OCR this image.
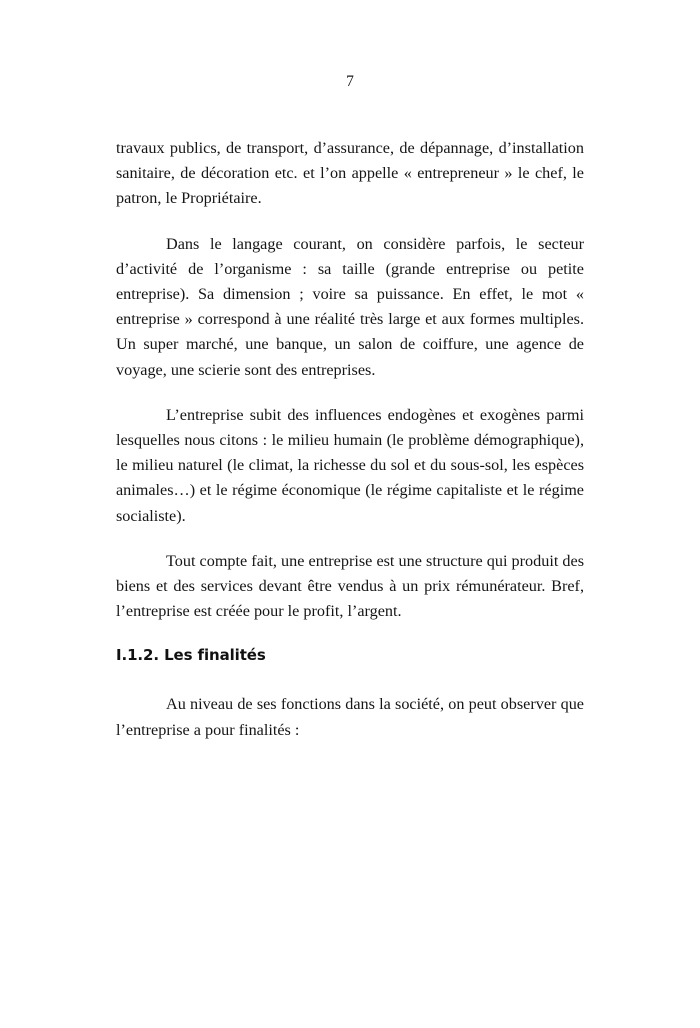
7

travaux publics, de transport, d’assurance, de dépannage, d’installation sanitaire, de décoration etc. et l’on appelle « entrepreneur » le chef, le patron, le Propriétaire.

Dans le langage courant, on considère parfois, le secteur d’activité de l’organisme : sa taille (grande entreprise ou petite entreprise). Sa dimension ; voire sa puissance. En effet, le mot « entreprise » correspond à une réalité très large et aux formes multiples. Un super marché, une banque, un salon de coiffure, une agence de voyage, une scierie sont des entreprises.

L’entreprise subit des influences endogènes et exogènes parmi lesquelles nous citons : le milieu humain (le problème démographique), le milieu naturel (le climat, la richesse du sol et du sous-sol, les espèces animales…) et le régime économique (le régime capitaliste et le régime socialiste).

Tout compte fait, une entreprise est une structure qui produit des biens et des services devant être vendus à un prix rémunérateur. Bref, l’entreprise est créée pour le profit, l’argent.

I.1.2. Les finalités

Au niveau de ses fonctions dans la société, on peut observer que l’entreprise a pour finalités :
